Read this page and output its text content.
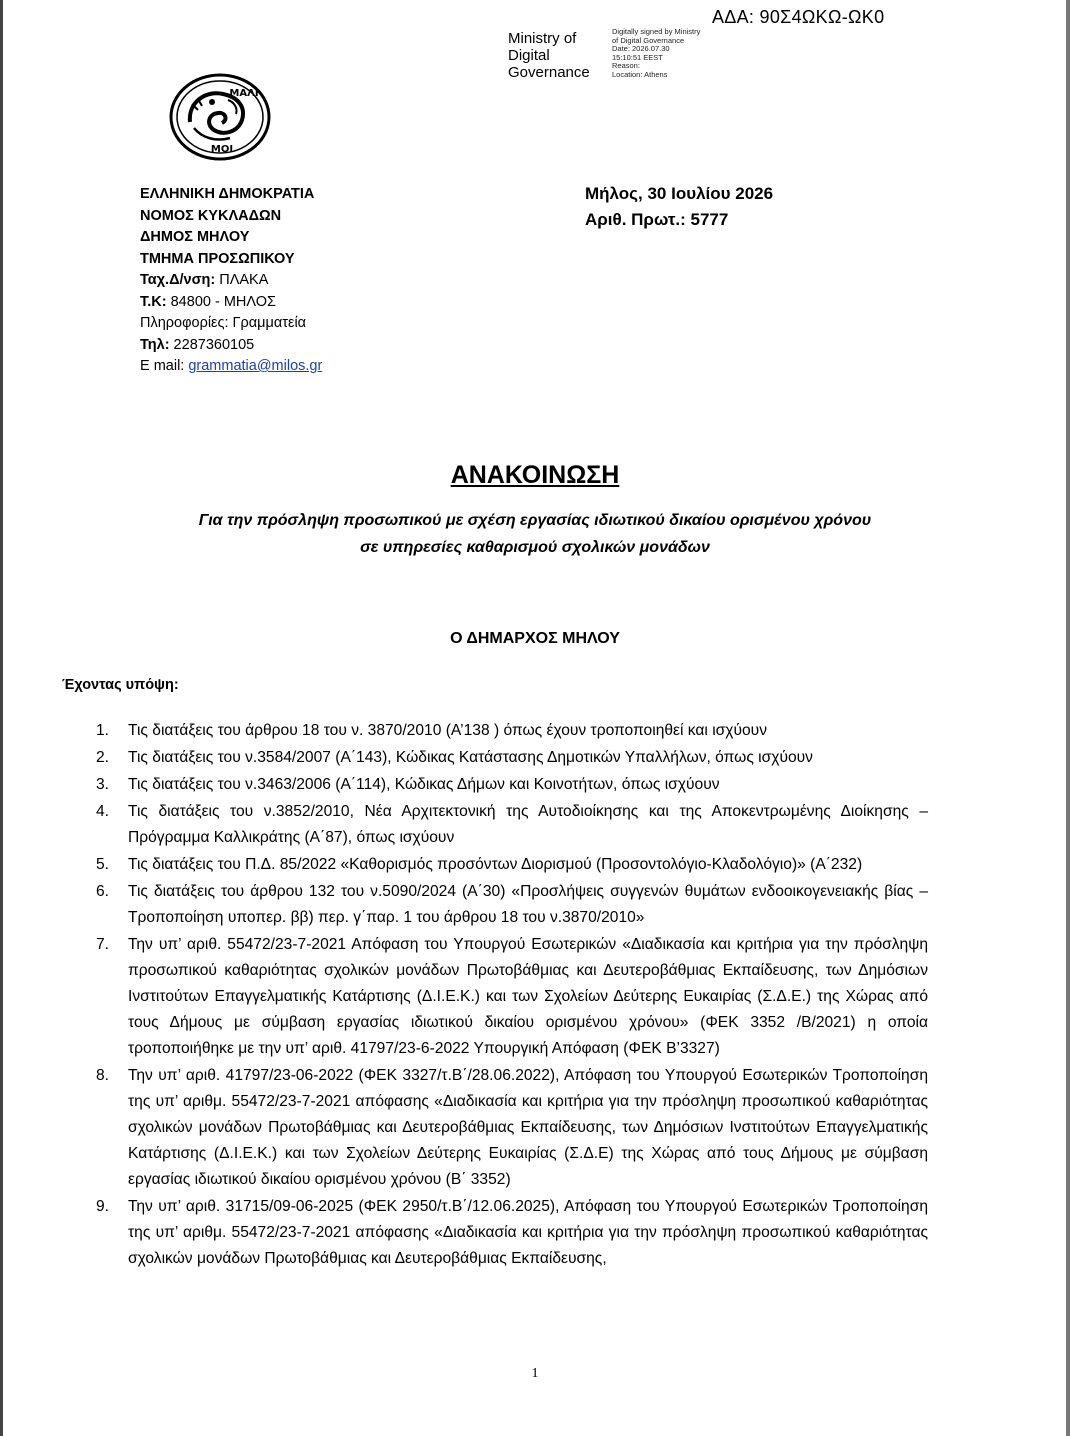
ΑΔΑ: 90Σ4ΩΚΩ-ΩΚ0
Ministry of
Digital
Governance
Digitally signed by Ministry
of Digital Governance
Date: 2026.07.30
15:10:51 EEST
Reason:
Location: Athens
ΜΑΛΙ
ΜΟΙ
ΕΛΛΗΝΙΚΗ ΔΗΜΟΚΡΑΤΙΑ
ΝΟΜΟΣ ΚΥΚΛΑΔΩΝ
ΔΗΜΟΣ ΜΗΛΟΥ
ΤΜΗΜΑ ΠΡΟΣΩΠΙΚΟΥ
Ταχ.Δ/νση: ΠΛΑΚΑ
Τ.Κ: 84800 - ΜΗΛΟΣ
Πληροφορίες: Γραμματεία
Τηλ: 2287360105
E mail: grammatia@milos.gr
Μήλος, 30 Ιουλίου 2026
Αριθ. Πρωτ.: 5777
ΑΝΑΚΟΙΝΩΣΗ
Για την πρόσληψη προσωπικού με σχέση εργασίας ιδιωτικού δικαίου ορισμένου χρόνου
σε υπηρεσίες καθαρισμού σχολικών μονάδων
Ο ΔΗΜΑΡΧΟΣ ΜΗΛΟΥ
Έχοντας υπόψη:
1.	Τις διατάξεις του άρθρου 18 του ν. 3870/2010 (Α’138 ) όπως έχουν τροποποιηθεί και ισχύουν
2.	Τις διατάξεις του ν.3584/2007 (Α΄143), Κώδικας Κατάστασης Δημοτικών Υπαλλήλων, όπως ισχύουν
3.	Τις διατάξεις του ν.3463/2006 (Α΄114), Κώδικας Δήμων και Κοινοτήτων, όπως ισχύουν
4.	Τις διατάξεις του ν.3852/2010, Νέα Αρχιτεκτονική της Αυτοδιοίκησης και της Αποκεντρωμένης Διοίκησης – Πρόγραμμα Καλλικράτης (Α΄87), όπως ισχύουν
5.	Τις διατάξεις του Π.Δ. 85/2022 «Καθορισμός προσόντων Διορισμού (Προσοντολόγιο-Κλαδολόγιο)» (Α΄232)
6.	Τις διατάξεις του άρθρου 132 του ν.5090/2024 (Α΄30) «Προσλήψεις συγγενών θυμάτων ενδοοικογενειακής βίας – Τροποποίηση υποπερ. ββ) περ. γ΄παρ. 1 του άρθρου 18 του ν.3870/2010»
7.	Την υπ’ αριθ. 55472/23-7-2021 Απόφαση του Υπουργού Εσωτερικών «Διαδικασία και κριτήρια για την πρόσληψη προσωπικού καθαριότητας σχολικών μονάδων Πρωτοβάθμιας και Δευτεροβάθμιας Εκπαίδευσης, των Δημόσιων Ινστιτούτων Επαγγελματικής Κατάρτισης (Δ.Ι.Ε.Κ.) και των Σχολείων Δεύτερης Ευκαιρίας (Σ.Δ.Ε.) της Χώρας από τους Δήμους με σύμβαση εργασίας ιδιωτικού δικαίου ορισμένου χρόνου» (ΦΕΚ 3352 /Β/2021) η οποία τροποποιήθηκε με την υπ’ αριθ. 41797/23-6-2022 Υπουργική Απόφαση (ΦΕΚ Β’3327)
8.	Την υπ’ αριθ. 41797/23-06-2022 (ΦΕΚ 3327/τ.Β΄/28.06.2022), Απόφαση του Υπουργού Εσωτερικών Τροποποίηση της υπ’ αριθμ. 55472/23-7-2021 απόφασης «Διαδικασία και κριτήρια για την πρόσληψη προσωπικού καθαριότητας σχολικών μονάδων Πρωτοβάθμιας και Δευτεροβάθμιας Εκπαίδευσης, των Δημόσιων Ινστιτούτων Επαγγελματικής Κατάρτισης (Δ.Ι.Ε.Κ.) και των Σχολείων Δεύτερης Ευκαιρίας (Σ.Δ.Ε) της Χώρας από τους Δήμους με σύμβαση εργασίας ιδιωτικού δικαίου ορισμένου χρόνου (Β΄ 3352)
9.	Την υπ’ αριθ. 31715/09-06-2025 (ΦΕΚ 2950/τ.Β΄/12.06.2025), Απόφαση του Υπουργού Εσωτερικών Τροποποίηση της υπ’ αριθμ. 55472/23-7-2021 απόφασης «Διαδικασία και κριτήρια για την πρόσληψη προσωπικού καθαριότητας σχολικών μονάδων Πρωτοβάθμιας και Δευτεροβάθμιας Εκπαίδευσης,
1
